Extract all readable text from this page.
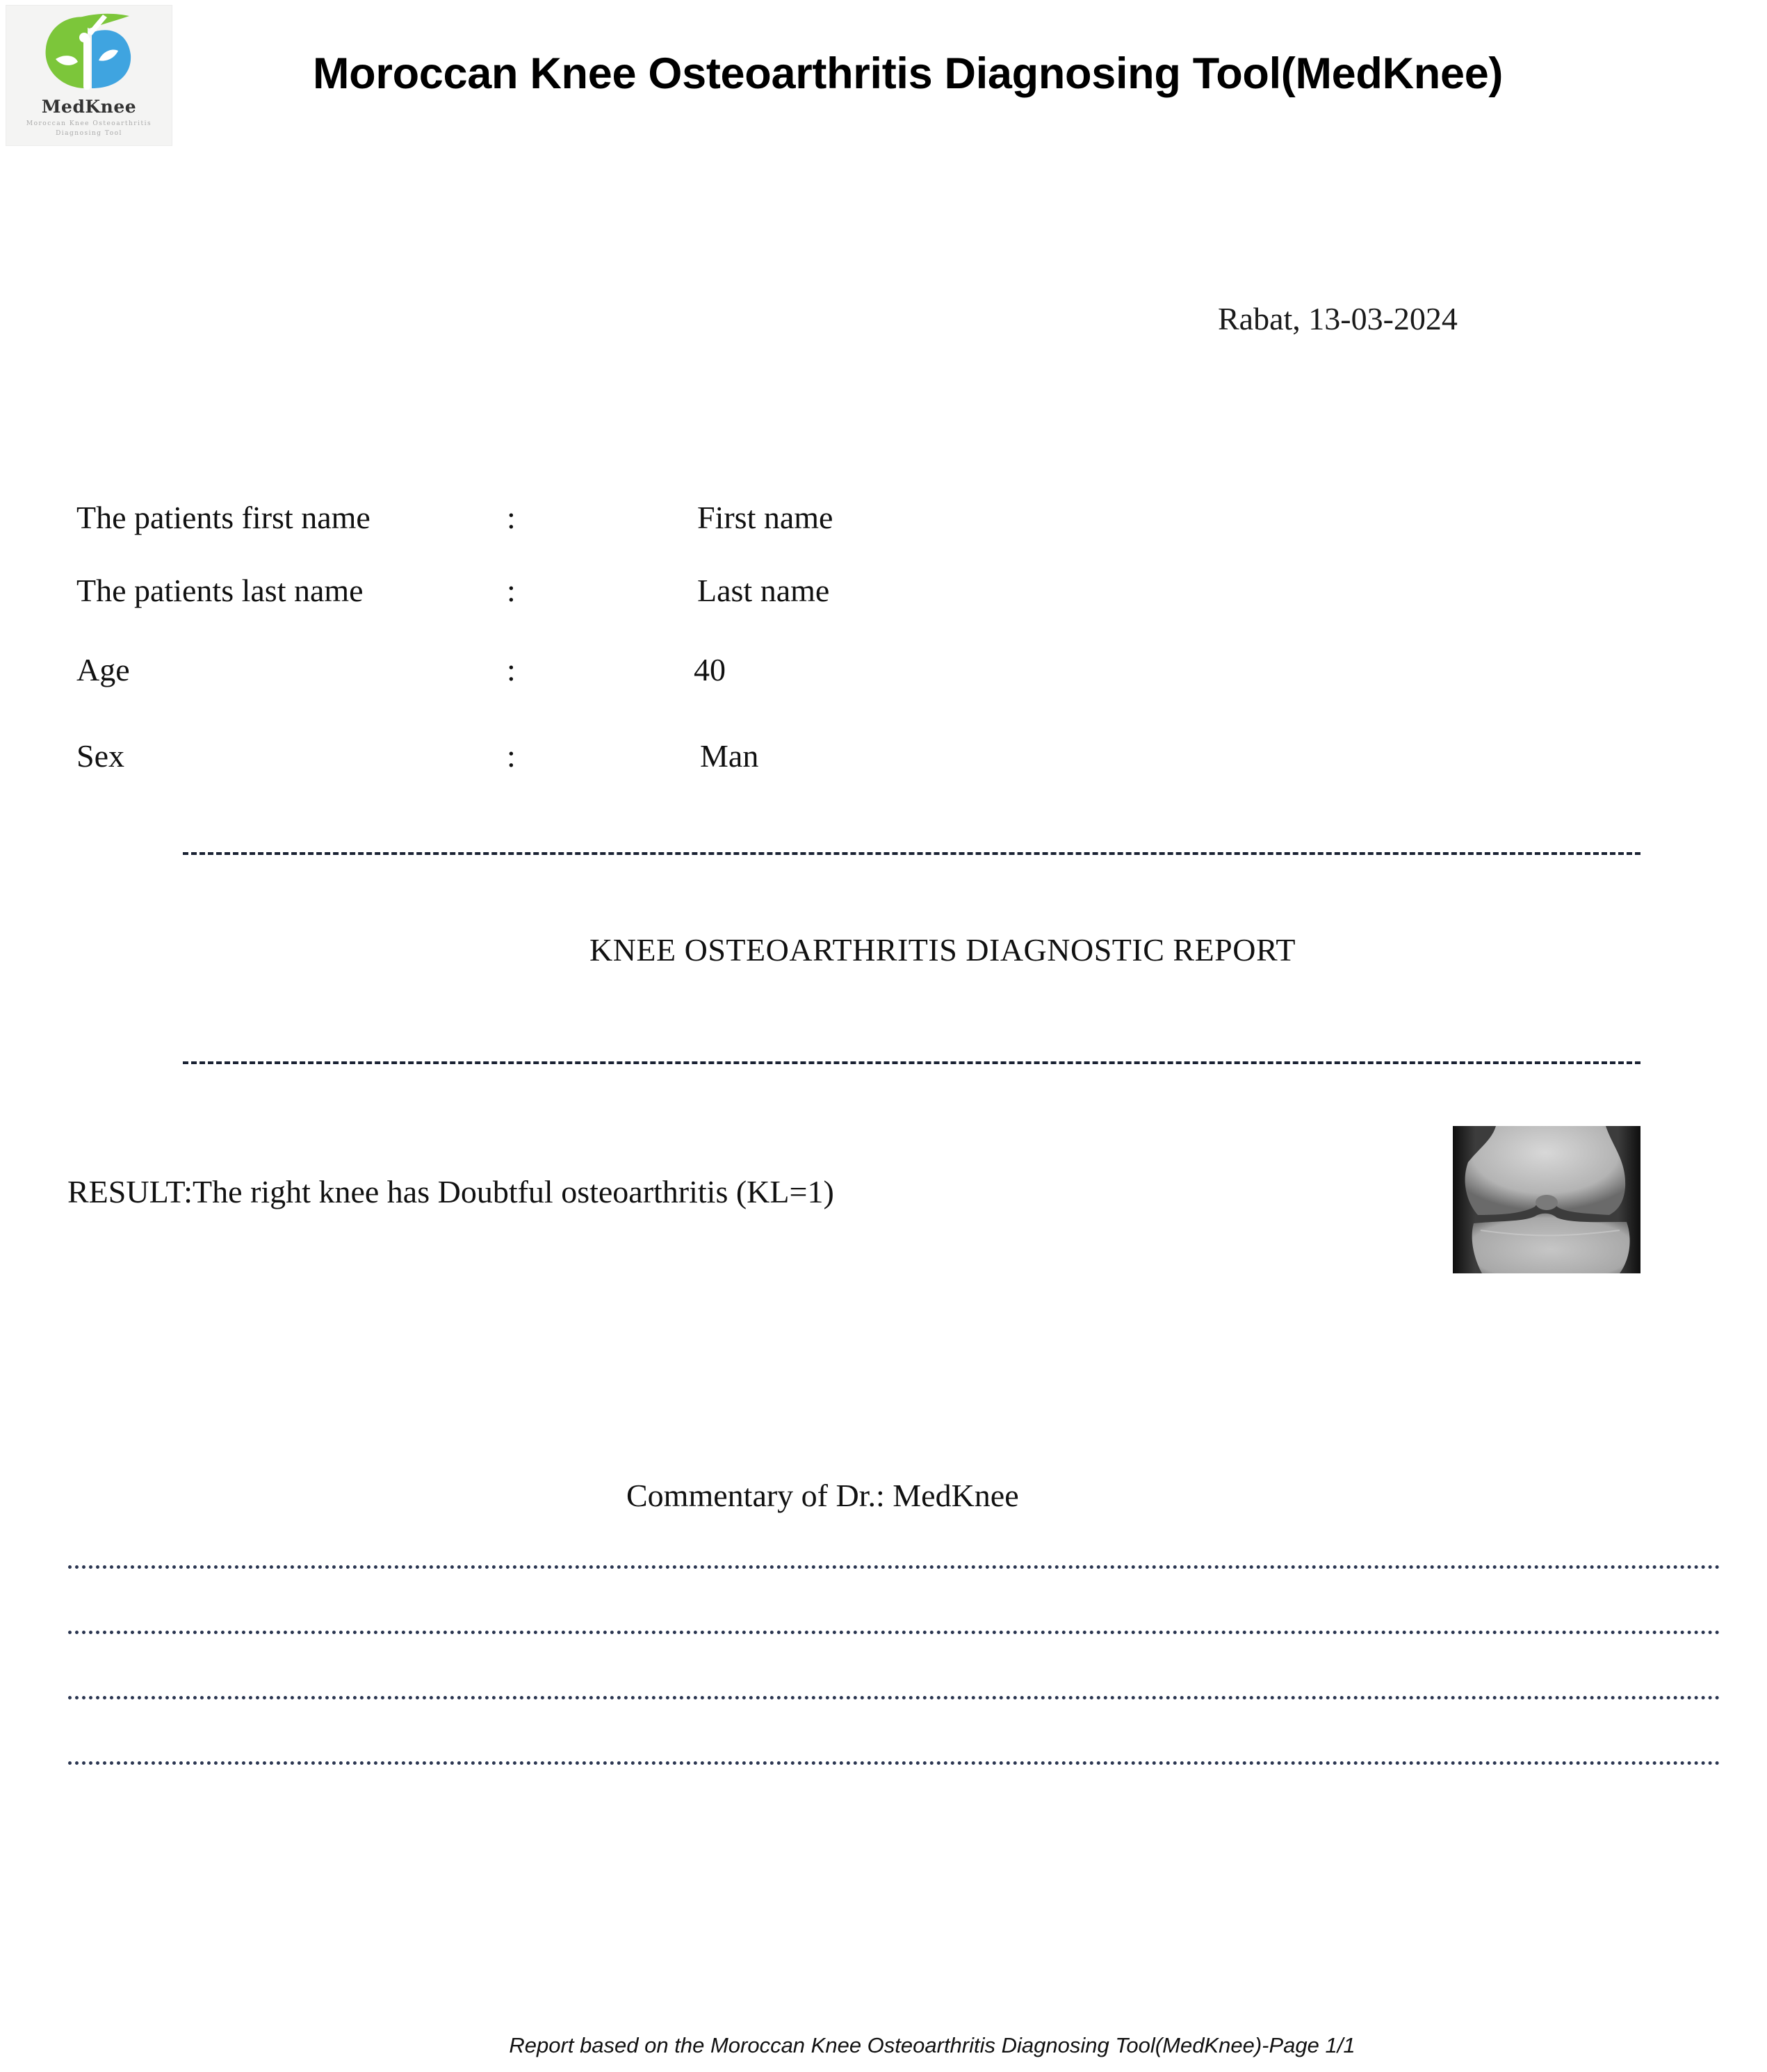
MedKnee
Moroccan Knee Osteoarthritis
Diagnosing Tool
Moroccan Knee Osteoarthritis Diagnosing Tool(MedKnee)
Rabat, 13-03-2024
The patients first name	:	First name
The patients last name	:	Last name
Age	:	40
Sex	:	Man
KNEE OSTEOARTHRITIS DIAGNOSTIC REPORT
RESULT:The right knee has Doubtful osteoarthritis (KL=1)
Commentary of Dr.: MedKnee
Report based on the Moroccan Knee Osteoarthritis Diagnosing Tool(MedKnee)-Page 1/1
